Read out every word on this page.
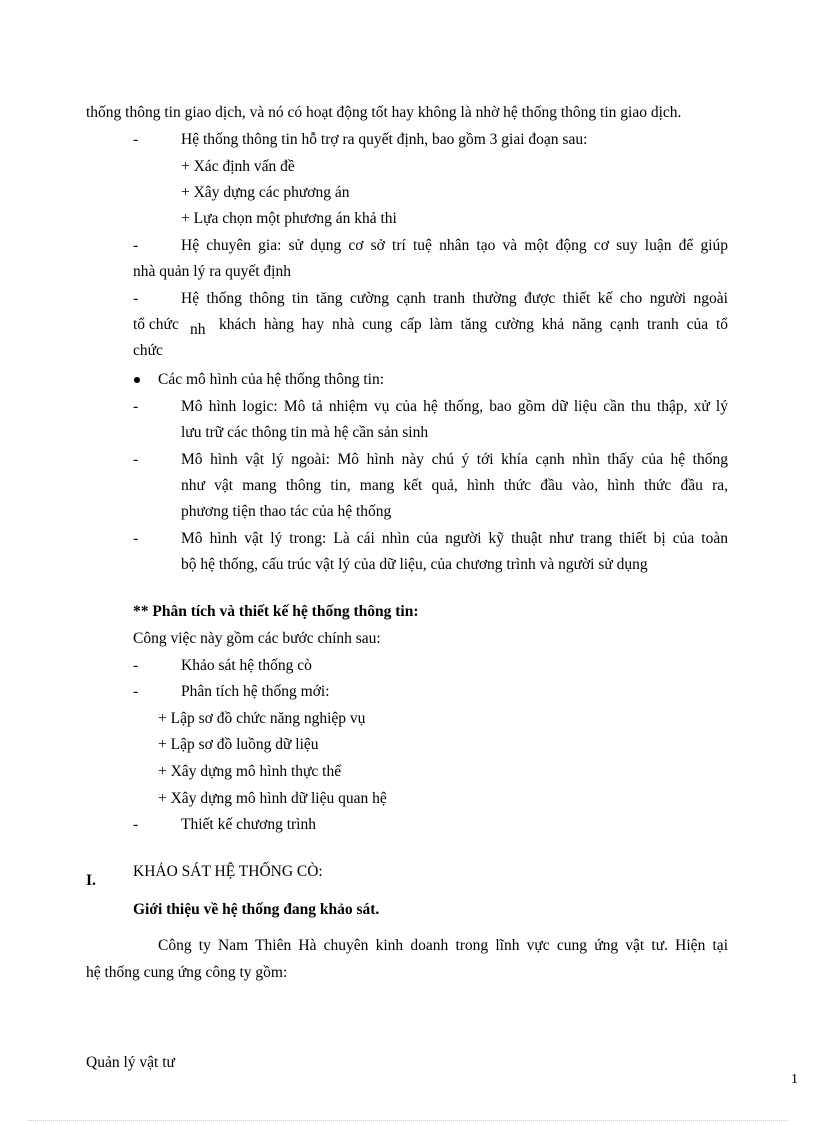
thống thông tin giao dịch, và nó có hoạt động tốt hay không là nhờ hệ thống thông tin giao dịch.
-	Hệ thống thông tin hỗ trợ ra quyết định, bao gồm 3 giai đoạn sau:
+ Xác định vấn đề
+ Xây dựng các phương án
+ Lựa chọn một phương án khả thi
-	Hệ chuyên gia: sử dụng cơ sở trí tuệ nhân tạo và một động cơ suy luận để giúp
nhà quản lý ra quyết định
-	Hệ thống thông tin tăng cường cạnh tranh thường được thiết kế cho người ngoài
tổ chức nh khách hàng hay nhà cung cấp làm tăng cường khả năng cạnh tranh của tổ
chức
Các mô hình của hệ thống thông tin:
-	Mô hình logic: Mô tả nhiệm vụ của hệ thống, bao gồm dữ liệu cần thu thập, xử lý
lưu trữ các thông tin mà hệ cần sản sinh
-	Mô hình vật lý ngoài: Mô hình này chú ý tới khía cạnh nhìn thấy của hệ thống
như vật mang thông tin, mang kết quả, hình thức đầu vào, hình thức đầu ra,
phương tiện thao tác của hệ thống
-	Mô hình vật lý trong: Là cái nhìn của người kỹ thuật như trang thiết bị của toàn
bộ hệ thống, cấu trúc vật lý của dữ liệu, của chương trình và người sử dụng
** Phân tích và thiết kế hệ thống thông tin:
Công việc này gồm các bước chính sau:
-	Khảo sát hệ thống cò
-	Phân tích hệ thống mới:
+ Lập sơ đồ chức năng nghiệp vụ
+ Lập sơ đồ luồng dữ liệu
+ Xây dựng mô hình thực thể
+ Xây dựng mô hình dữ liệu quan hệ
-	Thiết kế chương trình
I.
KHẢO SÁT HỆ THỐNG CÒ:
Giới thiệu về hệ thống đang khảo sát.
Công ty Nam Thiên Hà chuyên kinh doanh trong lĩnh vực cung ứng vật tư. Hiện tại
hệ thống cung ứng công ty gồm:
Quản lý vật tư
1
